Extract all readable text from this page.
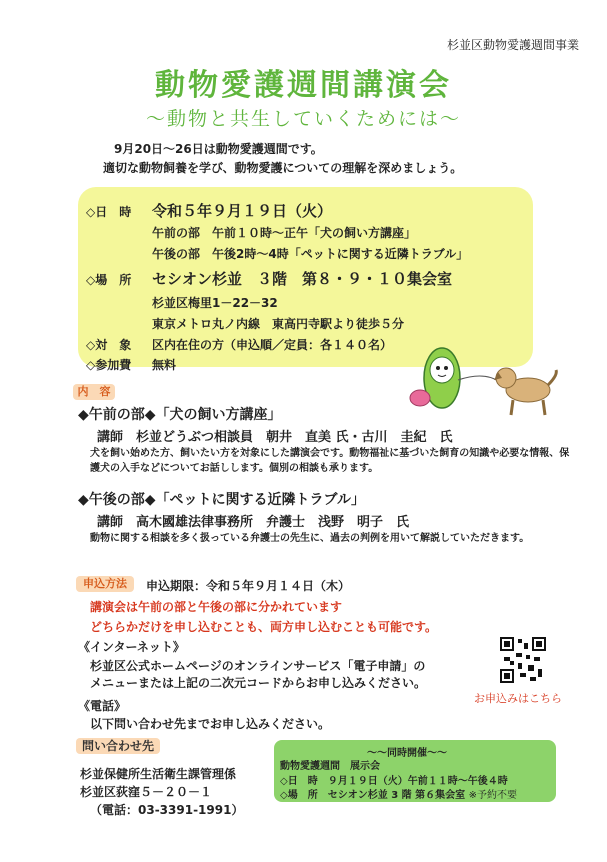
杉並区動物愛護週間事業
動物愛護週間講演会
～動物と共生していくためには～
9月20日～26日は動物愛護週間です。
適切な動物飼養を学び、動物愛護についての理解を深めましょう。
◇日　時 令和５年９月１９日（火）
午前の部　午前１０時～正午「犬の飼い方講座」
午後の部　午後2時～4時「ペットに関する近隣トラブル」
◇場　所 セシオン杉並　３階　第８・９・１０集会室
杉並区梅里1－22－32
東京メトロ丸ノ内線　東高円寺駅より徒歩５分
◇対　象 区内在住の方（申込順／定員：各１４０名）
◇参加費 無料
内　容
◆午前の部◆「犬の飼い方講座」
講師　杉並どうぶつ相談員　朝井　直美 氏・古川　圭紀　氏
犬を飼い始めた方、飼いたい方を対象にした講演会です。動物福祉に基づいた飼育の知識や必要な情報、保護犬の入手などについてお話しします。個別の相談も承ります。
◆午後の部◆「ペットに関する近隣トラブル」
講師　高木國雄法律事務所　弁護士　浅野　明子　氏
動物に関する相談を多く扱っている弁護士の先生に、過去の判例を用いて解説していただきます。
申込方法	申込期限：令和５年９月１４日（木）
講演会は午前の部と午後の部に分かれています
どちらかだけを申し込むことも、両方申し込むことも可能です。
《インターネット》
杉並区公式ホームページのオンラインサービス「電子申請」の
メニューまたは上記の二次元コードからお申し込みください。
お申込みはこちら
《電話》
以下問い合わせ先までお申し込みください。
問い合わせ先
杉並保健所生活衛生課管理係
杉並区荻窪５－２０－１
（電話：03-3391-1991）
～～同時開催～～
動物愛護週間　展示会
◇日　時　９月１９日（火）午前１１時～午後４時
◇場　所　セシオン杉並 3 階 第６集会室 ※予約不要
